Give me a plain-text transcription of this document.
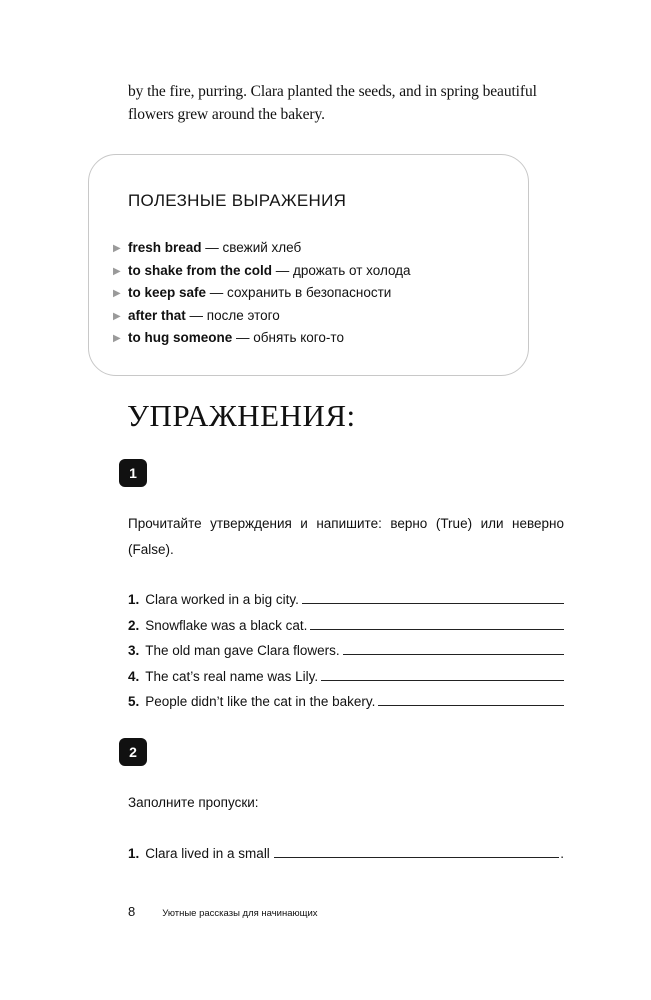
by the fire, purring. Clara planted the seeds, and in spring beautiful flowers grew around the bakery.
ПОЛЕЗНЫЕ ВЫРАЖЕНИЯ
▶ fresh bread — свежий хлеб
▶ to shake from the cold — дрожать от холода
▶ to keep safe — сохранить в безопасности
▶ after that — после этого
▶ to hug someone — обнять кого-то
УПРАЖНЕНИЯ:
1
Прочитайте утверждения и напишите: верно (True) или неверно (False).
1. Clara worked in a big city.
2. Snowflake was a black cat.
3. The old man gave Clara flowers.
4. The cat’s real name was Lily.
5. People didn’t like the cat in the bakery.
2
Заполните пропуски:
1. Clara lived in a small	.
8	Уютные рассказы для начинающих
